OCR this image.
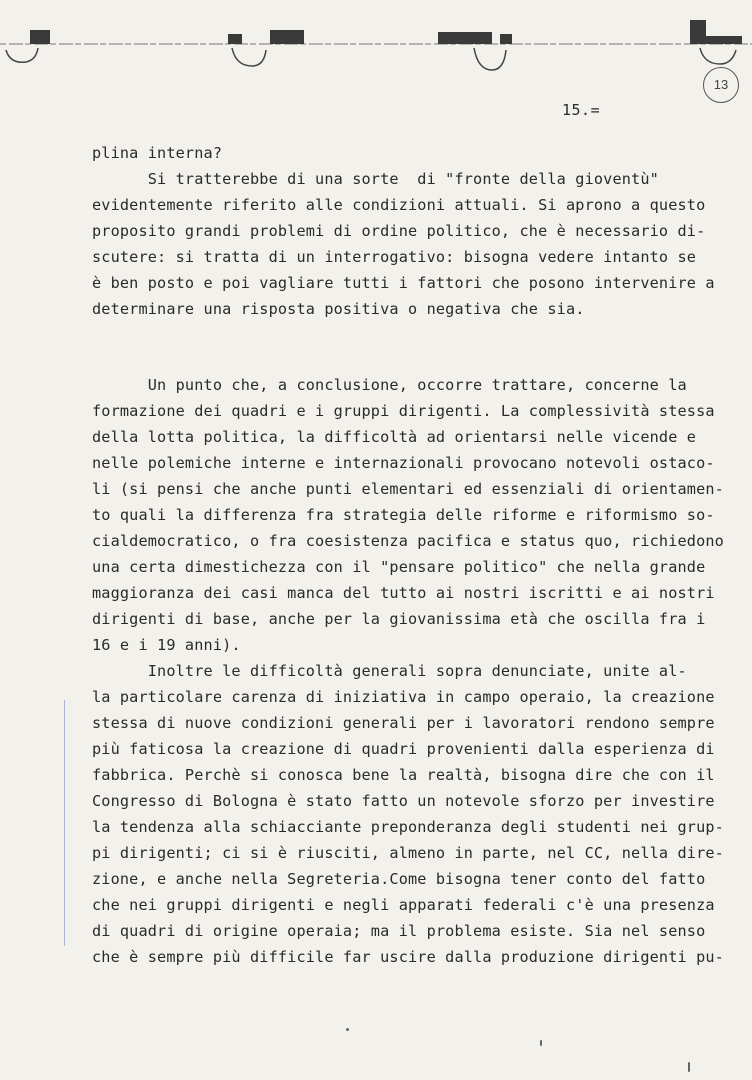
13
15.=
plina interna?
Si tratterebbe di una sorte  di "fronte della gioventù"
evidentemente riferito alle condizioni attuali. Si aprono a questo
proposito grandi problemi di ordine politico, che è necessario di-
scutere: si tratta di un interrogativo: bisogna vedere intanto se
è ben posto e poi vagliare tutti i fattori che posono intervenire a
determinare una risposta positiva o negativa che sia.
Un punto che, a conclusione, occorre trattare, concerne la
formazione dei quadri e i gruppi dirigenti. La complessività stessa
della lotta politica, la difficoltà ad orientarsi nelle vicende e
nelle polemiche interne e internazionali provocano notevoli ostaco-
li (si pensi che anche punti elementari ed essenziali di orientamen-
to quali la differenza fra strategia delle riforme e riformismo so-
cialdemocratico, o fra coesistenza pacifica e status quo, richiedono
una certa dimestichezza con il "pensare politico" che nella grande
maggioranza dei casi manca del tutto ai nostri iscritti e ai nostri
dirigenti di base, anche per la giovanissima età che oscilla fra i
16 e i 19 anni).
Inoltre le difficoltà generali sopra denunciate, unite al-
la particolare carenza di iniziativa in campo operaio, la creazione
stessa di nuove condizioni generali per i lavoratori rendono sempre
più faticosa la creazione di quadri provenienti dalla esperienza di
fabbrica. Perchè si conosca bene la realtà, bisogna dire che con il
Congresso di Bologna è stato fatto un notevole sforzo per investire
la tendenza alla schiacciante preponderanza degli studenti nei grup-
pi dirigenti; ci si è riusciti, almeno in parte, nel CC, nella dire-
zione, e anche nella Segreteria.Come bisogna tener conto del fatto
che nei gruppi dirigenti e negli apparati federali c'è una presenza
di quadri di origine operaia; ma il problema esiste. Sia nel senso
che è sempre più difficile far uscire dalla produzione dirigenti pu-
